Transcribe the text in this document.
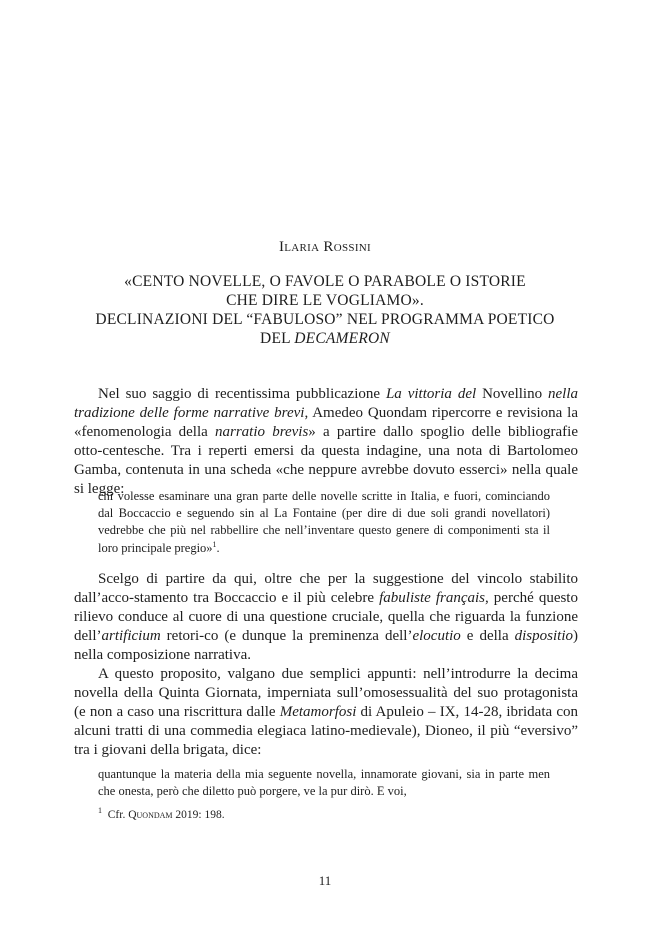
Ilaria Rossini
«CENTO NOVELLE, O FAVOLE O PARABOLE O ISTORIE
CHE DIRE LE VOGLIAMO».
DECLINAZIONI DEL “FABULOSO” NEL PROGRAMMA POETICO
DEL DECAMERON

Nel suo saggio di recentissima pubblicazione La vittoria del Novellino nella tradizione delle forme narrative brevi, Amedeo Quondam ripercorre e revisiona la «fenomenologia della narratio brevis» a partire dallo spoglio delle bibliografie otto-centesche. Tra i reperti emersi da questa indagine, una nota di Bartolomeo Gamba, contenuta in una scheda «che neppure avrebbe dovuto esserci» nella quale si legge:

chi volesse esaminare una gran parte delle novelle scritte in Italia, e fuori, cominciando dal Boccaccio e seguendo sin al La Fontaine (per dire di due soli grandi novellatori) vedrebbe che più nel rabbellire che nell’inventare questo genere di componimenti sta il loro principale pregio»$^1$.

Scelgo di partire da qui, oltre che per la suggestione del vincolo stabilito dall’acco-stamento tra Boccaccio e il più celebre fabuliste français, perché questo rilievo conduce al cuore di una questione cruciale, quella che riguarda la funzione dell’artificium retori-co (e dunque la preminenza dell’elocutio e della dispositio) nella composizione narrativa.

A questo proposito, valgano due semplici appunti: nell’introdurre la decima novella della Quinta Giornata, imperniata sull’omosessualità del suo protagonista (e non a caso una riscrittura dalle Metamorfosi di Apuleio – IX, 14-28, ibridata con alcuni tratti di una commedia elegiaca latino-medievale), Dioneo, il più “eversivo” tra i giovani della brigata, dice:

quantunque la materia della mia seguente novella, innamorate giovani, sia in parte men che onesta, però che diletto può porgere, ve la pur dirò. E voi,
$^1$ Cfr. Quondam 2019: 198.
11
